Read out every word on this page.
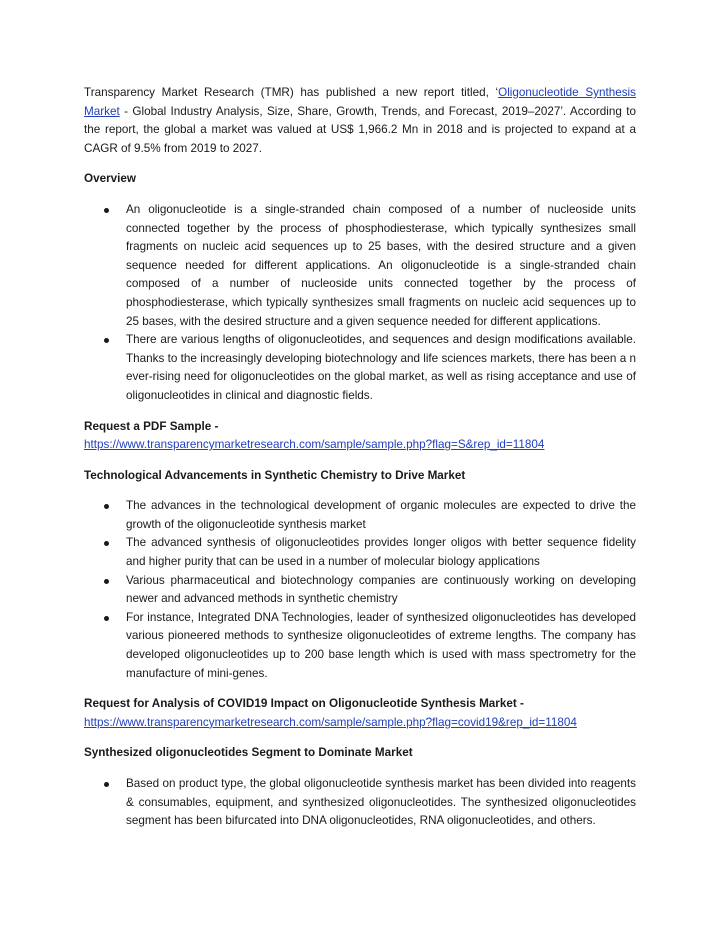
Transparency Market Research (TMR) has published a new report titled, ‘Oligonucleotide Synthesis Market - Global Industry Analysis, Size, Share, Growth, Trends, and Forecast, 2019–2027’. According to the report, the global a market was valued at US$ 1,966.2 Mn in 2018 and is projected to expand at a CAGR of 9.5% from 2019 to 2027.

Overview

An oligonucleotide is a single-stranded chain composed of a number of nucleoside units connected together by the process of phosphodiesterase, which typically synthesizes small fragments on nucleic acid sequences up to 25 bases, with the desired structure and a given sequence needed for different applications. An oligonucleotide is a single-stranded chain composed of a number of nucleoside units connected together by the process of phosphodiesterase, which typically synthesizes small fragments on nucleic acid sequences up to 25 bases, with the desired structure and a given sequence needed for different applications.
There are various lengths of oligonucleotides, and sequences and design modifications available. Thanks to the increasingly developing biotechnology and life sciences markets, there has been a n ever-rising need for oligonucleotides on the global market, as well as rising acceptance and use of oligonucleotides in clinical and diagnostic fields.

Request a PDF Sample -

https://www.transparencymarketresearch.com/sample/sample.php?flag=S&rep_id=11804

Technological Advancements in Synthetic Chemistry to Drive Market

The advances in the technological development of organic molecules are expected to drive the growth of the oligonucleotide synthesis market
The advanced synthesis of oligonucleotides provides longer oligos with better sequence fidelity and higher purity that can be used in a number of molecular biology applications
Various pharmaceutical and biotechnology companies are continuously working on developing newer and advanced methods in synthetic chemistry
For instance, Integrated DNA Technologies, leader of synthesized oligonucleotides has developed various pioneered methods to synthesize oligonucleotides of extreme lengths. The company has developed oligonucleotides up to 200 base length which is used with mass spectrometry for the manufacture of mini-genes.

Request for Analysis of COVID19 Impact on Oligonucleotide Synthesis Market -

https://www.transparencymarketresearch.com/sample/sample.php?flag=covid19&rep_id=11804

Synthesized oligonucleotides Segment to Dominate Market

Based on product type, the global oligonucleotide synthesis market has been divided into reagents & consumables, equipment, and synthesized oligonucleotides. The synthesized oligonucleotides segment has been bifurcated into DNA oligonucleotides, RNA oligonucleotides, and others.
